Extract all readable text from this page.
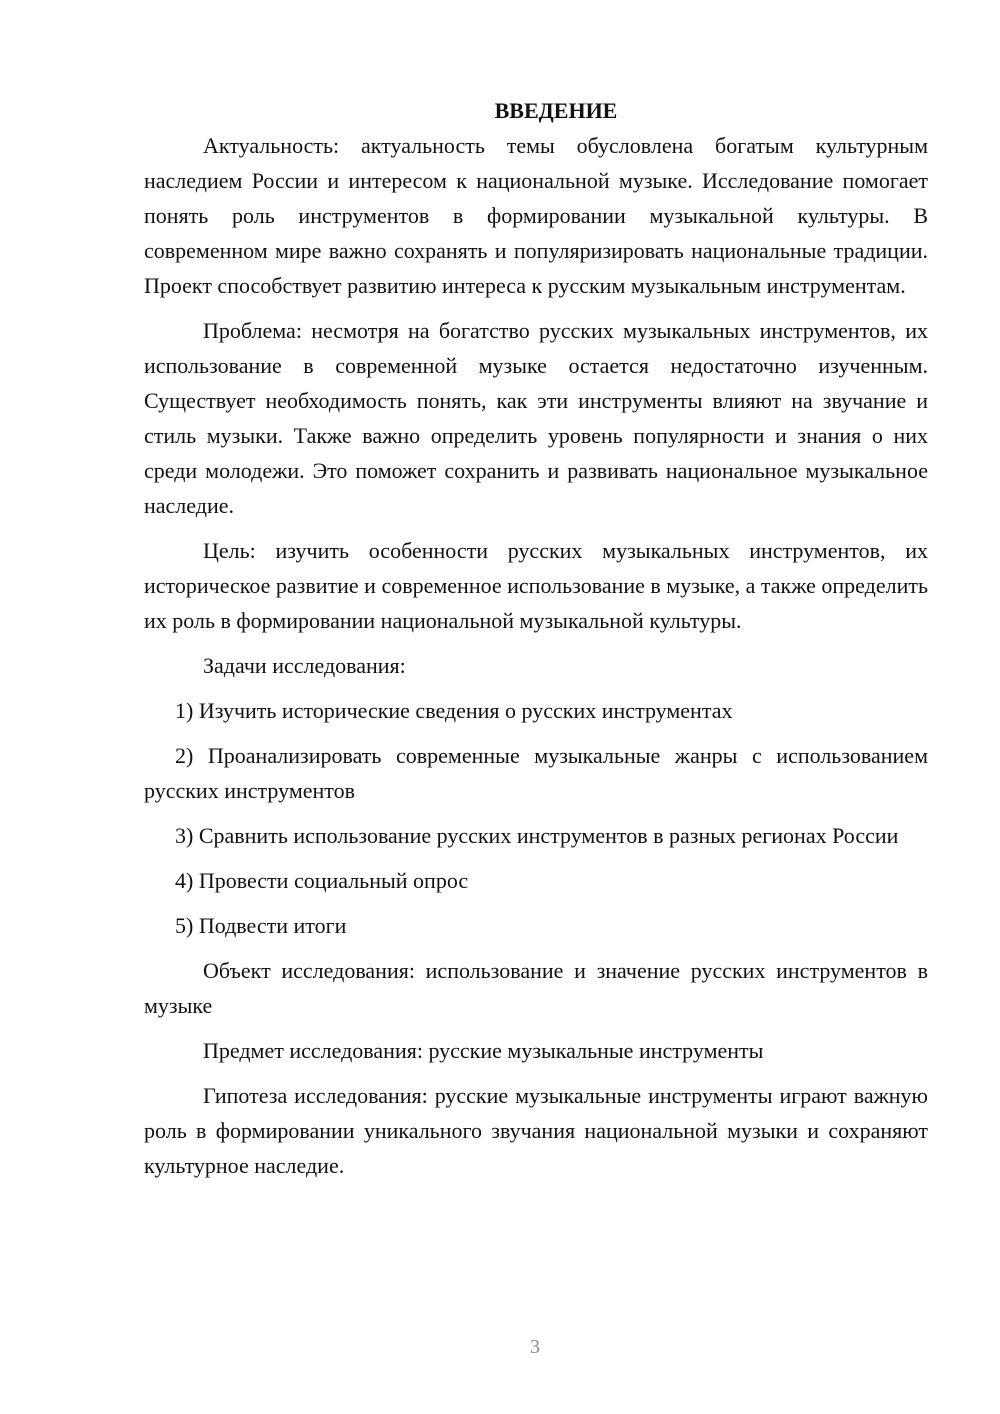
ВВЕДЕНИЕ

Актуальность: актуальность темы обусловлена богатым культурным наследием России и интересом к национальной музыке. Исследование помогает понять роль инструментов в формировании музыкальной культуры. В современном мире важно сохранять и популяризировать национальные традиции. Проект способствует развитию интереса к русским музыкальным инструментам.

Проблема: несмотря на богатство русских музыкальных инструментов, их использование в современной музыке остается недостаточно изученным. Существует необходимость понять, как эти инструменты влияют на звучание и стиль музыки. Также важно определить уровень популярности и знания о них среди молодежи. Это поможет сохранить и развивать национальное музыкальное наследие.

Цель: изучить особенности русских музыкальных инструментов, их историческое развитие и современное использование в музыке, а также определить их роль в формировании национальной музыкальной культуры.

Задачи исследования:

1) Изучить исторические сведения о русских инструментах

2) Проанализировать современные музыкальные жанры с использованием русских инструментов

3) Сравнить использование русских инструментов в разных регионах России

4) Провести социальный опрос

5) Подвести итоги

Объект исследования: использование и значение русских инструментов в музыке

Предмет исследования: русские музыкальные инструменты

Гипотеза исследования: русские музыкальные инструменты играют важную роль в формировании уникального звучания национальной музыки и сохраняют культурное наследие.

3
